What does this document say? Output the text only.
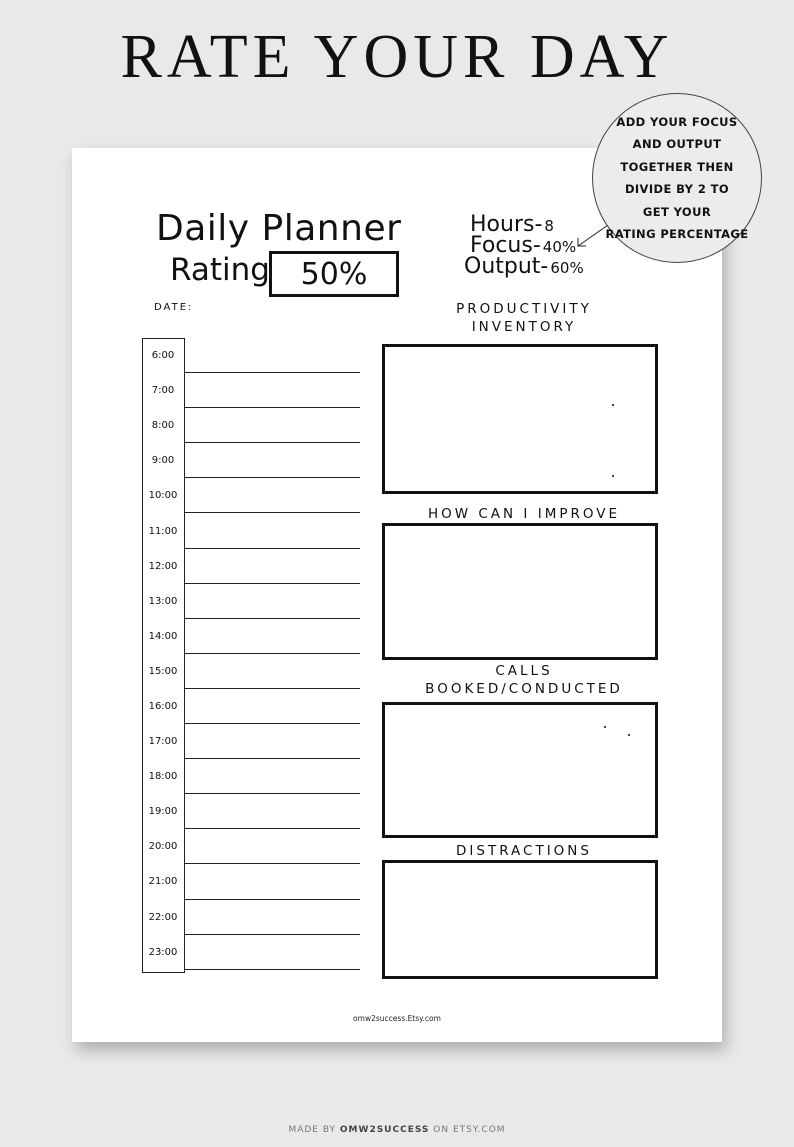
RATE YOUR DAY
Daily Planner
Rating 50%
Hours- 8
Focus- 40%
Output- 60%
DATE:
6:00
7:00
8:00
9:00
10:00
11:00
12:00
13:00
14:00
15:00
16:00
17:00
18:00
19:00
20:00
21:00
22:00
23:00
PRODUCTIVITY
INVENTORY
HOW CAN I IMPROVE
CALLS
BOOKED/CONDUCTED
DISTRACTIONS
omw2success.Etsy.com
ADD YOUR FOCUS
AND OUTPUT
TOGETHER THEN
DIVIDE BY 2 TO
GET YOUR
RATING PERCENTAGE
MADE BY OMW2SUCCESS ON ETSY.COM
